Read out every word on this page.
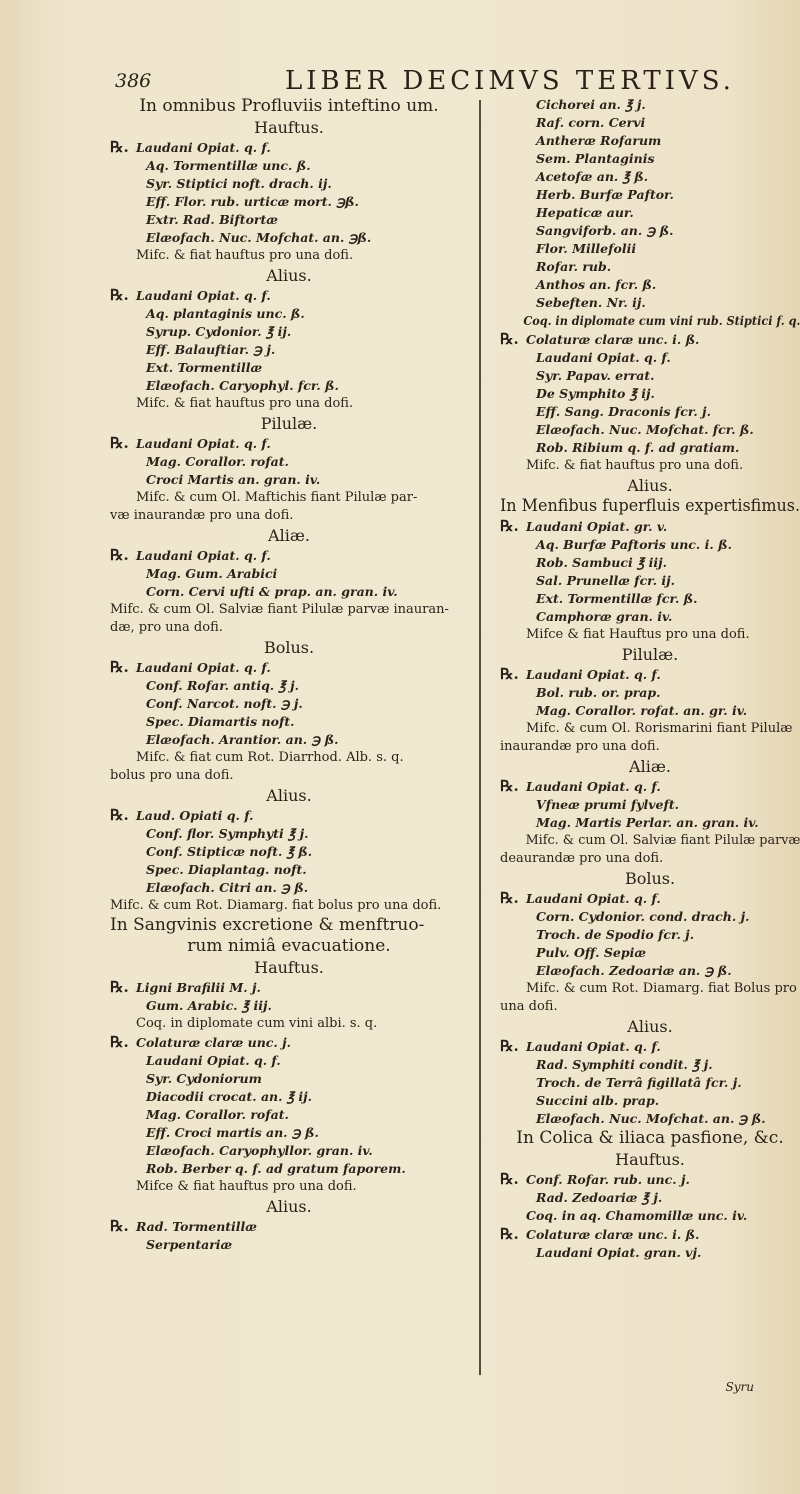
386	LIBER DECIMVS TERTIVS.
In omnibus Profluviis inteftino um.
Hauftus.
℞. Laudani Opiat. q. f.
Aq. Tormentillæ unc. ß.
Syr. Stiptici noft. drach. ij.
Eff. Flor. rub. urticæ mort. ℈ß.
Extr. Rad. Biftortæ
Elæofach. Nuc. Mofchat. an. ℈ß.
Mifc. & fiat hauftus pro una dofi.
Alius.
℞. Laudani Opiat. q. f.
Aq. plantaginis unc. ß.
Syrup. Cydonior. ℥ ij.
Eff. Balauftiar. ℈ j.
Ext. Tormentillæ
Elæofach. Caryophyl. fcr. ß.
Mifc. & fiat hauftus pro una dofi.
Pilulæ.
℞. Laudani Opiat. q. f.
Mag. Corallor. rofat.
Croci Martis an. gran. iv.
Mifc. & cum Ol. Maftichis fiant Pilulæ par-
væ inaurandæ pro una dofi.
Aliæ.
℞. Laudani Opiat. q. f.
Mag. Gum. Arabici
Corn. Cervi ufti & prap. an. gran. iv.
Mifc. & cum Ol. Salviæ fiant Pilulæ parvæ inauran-
dæ, pro una dofi.
Bolus.
℞. Laudani Opiat. q. f.
Conf. Rofar. antiq. ℥ j.
Conf. Narcot. noft. ℈ j.
Spec. Diamartis noft.
Elæofach. Arantior. an. ℈ ß.
Mifc. & fiat cum Rot. Diarrhod. Alb. s. q.
bolus pro una dofi.
Alius.
℞. Laud. Opiati q. f.
Conf. flor. Symphyti ℥ j.
Conf. Stipticæ noft. ℥ ß.
Spec. Diaplantag. noft.
Elæofach. Citri an. ℈ ß.
Mifc. & cum Rot. Diamarg. fiat bolus pro una dofi.
In Sangvinis excretione & menftruo-
rum nimiâ evacuatione.
Hauftus.
℞. Ligni Brafilii M. j.
Gum. Arabic. ℥ iij.
Coq. in diplomate cum vini albi. s. q.
℞. Colaturæ claræ unc. j.
Laudani Opiat. q. f.
Syr. Cydoniorum
Diacodii crocat. an. ℥ ij.
Mag. Corallor. rofat.
Eff. Croci martis an. ℈ ß.
Elæofach. Caryophyllor. gran. iv.
Rob. Berber q. f. ad gratum faporem.
Mifce & fiat hauftus pro una dofi.
Alius.
℞. Rad. Tormentillæ
Serpentariæ
Cichorei an. ℥ j.
Raf. corn. Cervi
Antheræ Rofarum
Sem. Plantaginis
Acetofæ an. ℥ ß.
Herb. Burfæ Paftor.
Hepaticæ aur.
Sangviforb. an. ℈ ß.
Flor. Millefolii
Rofar. rub.
Anthos an. fcr. ß.
Sebeften. Nr. ij.
Coq. in diplomate cum vini rub. Stiptici f. q.
℞. Colaturæ claræ unc. i. ß.
Laudani Opiat. q. f.
Syr. Papav. errat.
De Symphito ℥ ij.
Eff. Sang. Draconis fcr. j.
Elæofach. Nuc. Mofchat. fcr. ß.
Rob. Ribium q. f. ad gratiam.
Mifc. & fiat hauftus pro una dofi.
Alius.
In Menfibus fuperfluis expertisfimus.
℞. Laudani Opiat. gr. v.
Aq. Burfæ Paftoris unc. i. ß.
Rob. Sambuci ℥ iij.
Sal. Prunellæ fcr. ij.
Ext. Tormentillæ fcr. ß.
Camphoræ gran. iv.
Mifce & fiat Hauftus pro una dofi.
Pilulæ.
℞. Laudani Opiat. q. f.
Bol. rub. or. prap.
Mag. Corallor. rofat. an. gr. iv.
Mifc. & cum Ol. Rorismarini fiant Pilulæ
inaurandæ pro una dofi.
Aliæ.
℞. Laudani Opiat. q. f.
Vfneæ prumi fylveft.
Mag. Martis Perlar. an. gran. iv.
Mifc. & cum Ol. Salviæ fiant Pilulæ parvæ
deaurandæ pro una dofi.
Bolus.
℞. Laudani Opiat. q. f.
Corn. Cydonior. cond. drach. j.
Troch. de Spodio fcr. j.
Pulv. Off. Sepiæ
Elæofach. Zedoariæ an. ℈ ß.
Mifc. & cum Rot. Diamarg. fiat Bolus pro
una dofi.
Alius.
℞. Laudani Opiat. q. f.
Rad. Symphiti condit. ℥ j.
Troch. de Terrâ figillatâ fcr. j.
Succini alb. prap.
Elæofach. Nuc. Mofchat. an. ℈ ß.
In Colica & iliaca pasfione, &c.
Hauftus.
℞. Conf. Rofar. rub. unc. j.
Rad. Zedoariæ ℥ j.
Coq. in aq. Chamomillæ unc. iv.
℞. Colaturæ claræ unc. i. ß.
Laudani Opiat. gran. vj.
Syru
